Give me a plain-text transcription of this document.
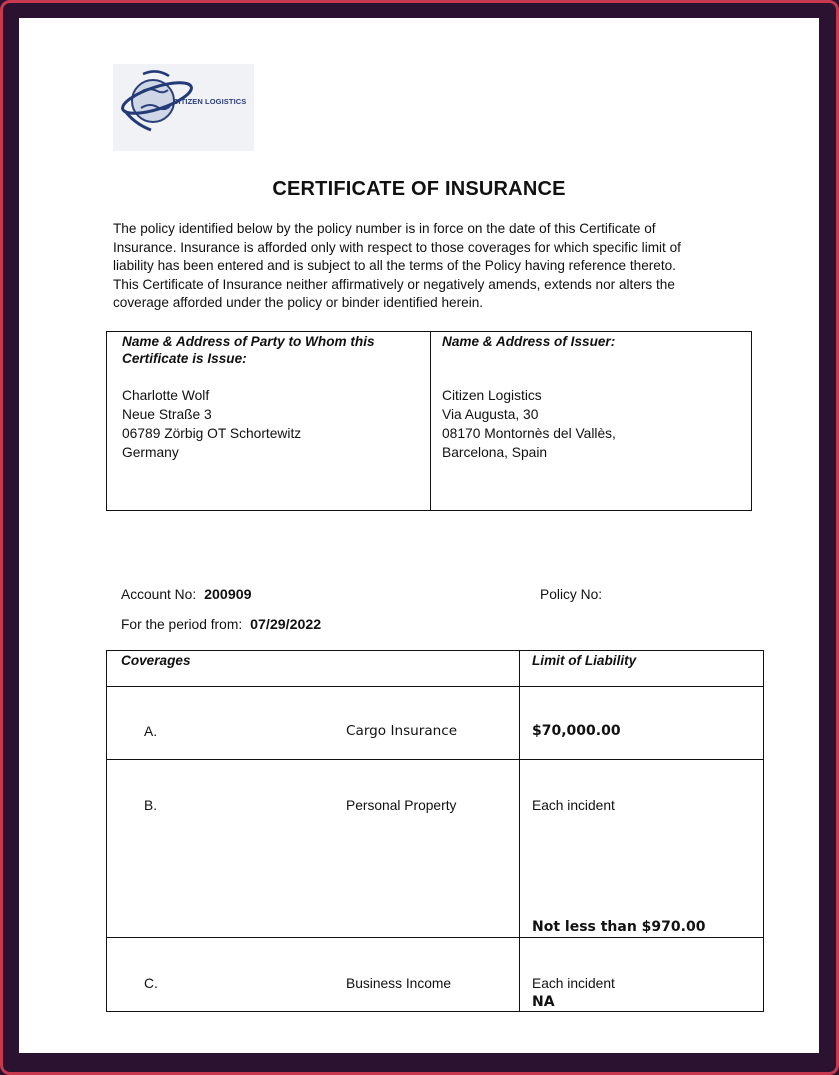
CITIZEN LOGISTICS
CERTIFICATE OF INSURANCE
The policy identified below by the policy number is in force on the date of this Certificate of
Insurance. Insurance is afforded only with respect to those coverages for which specific limit of
liability has been entered and is subject to all the terms of the Policy having reference thereto.
This Certificate of Insurance neither affirmatively or negatively amends, extends nor alters the
coverage afforded under the policy or binder identified herein.
Name & Address of Party to Whom this Certificate is Issue:
Charlotte Wolf
Neue Straße 3
06789 Zörbig OT Schortewitz
Germany
Name & Address of Issuer:
Citizen Logistics
Via Augusta, 30
08170 Montornès del Vallès,
Barcelona, Spain
Account No: 200909	Policy No:
For the period from: 07/29/2022
Coverages	Limit of Liability
A.	Cargo Insurance	$70,000.00
B.	Personal Property	Each incident
Not less than $970.00
C.	Business Income	Each incident
NA
